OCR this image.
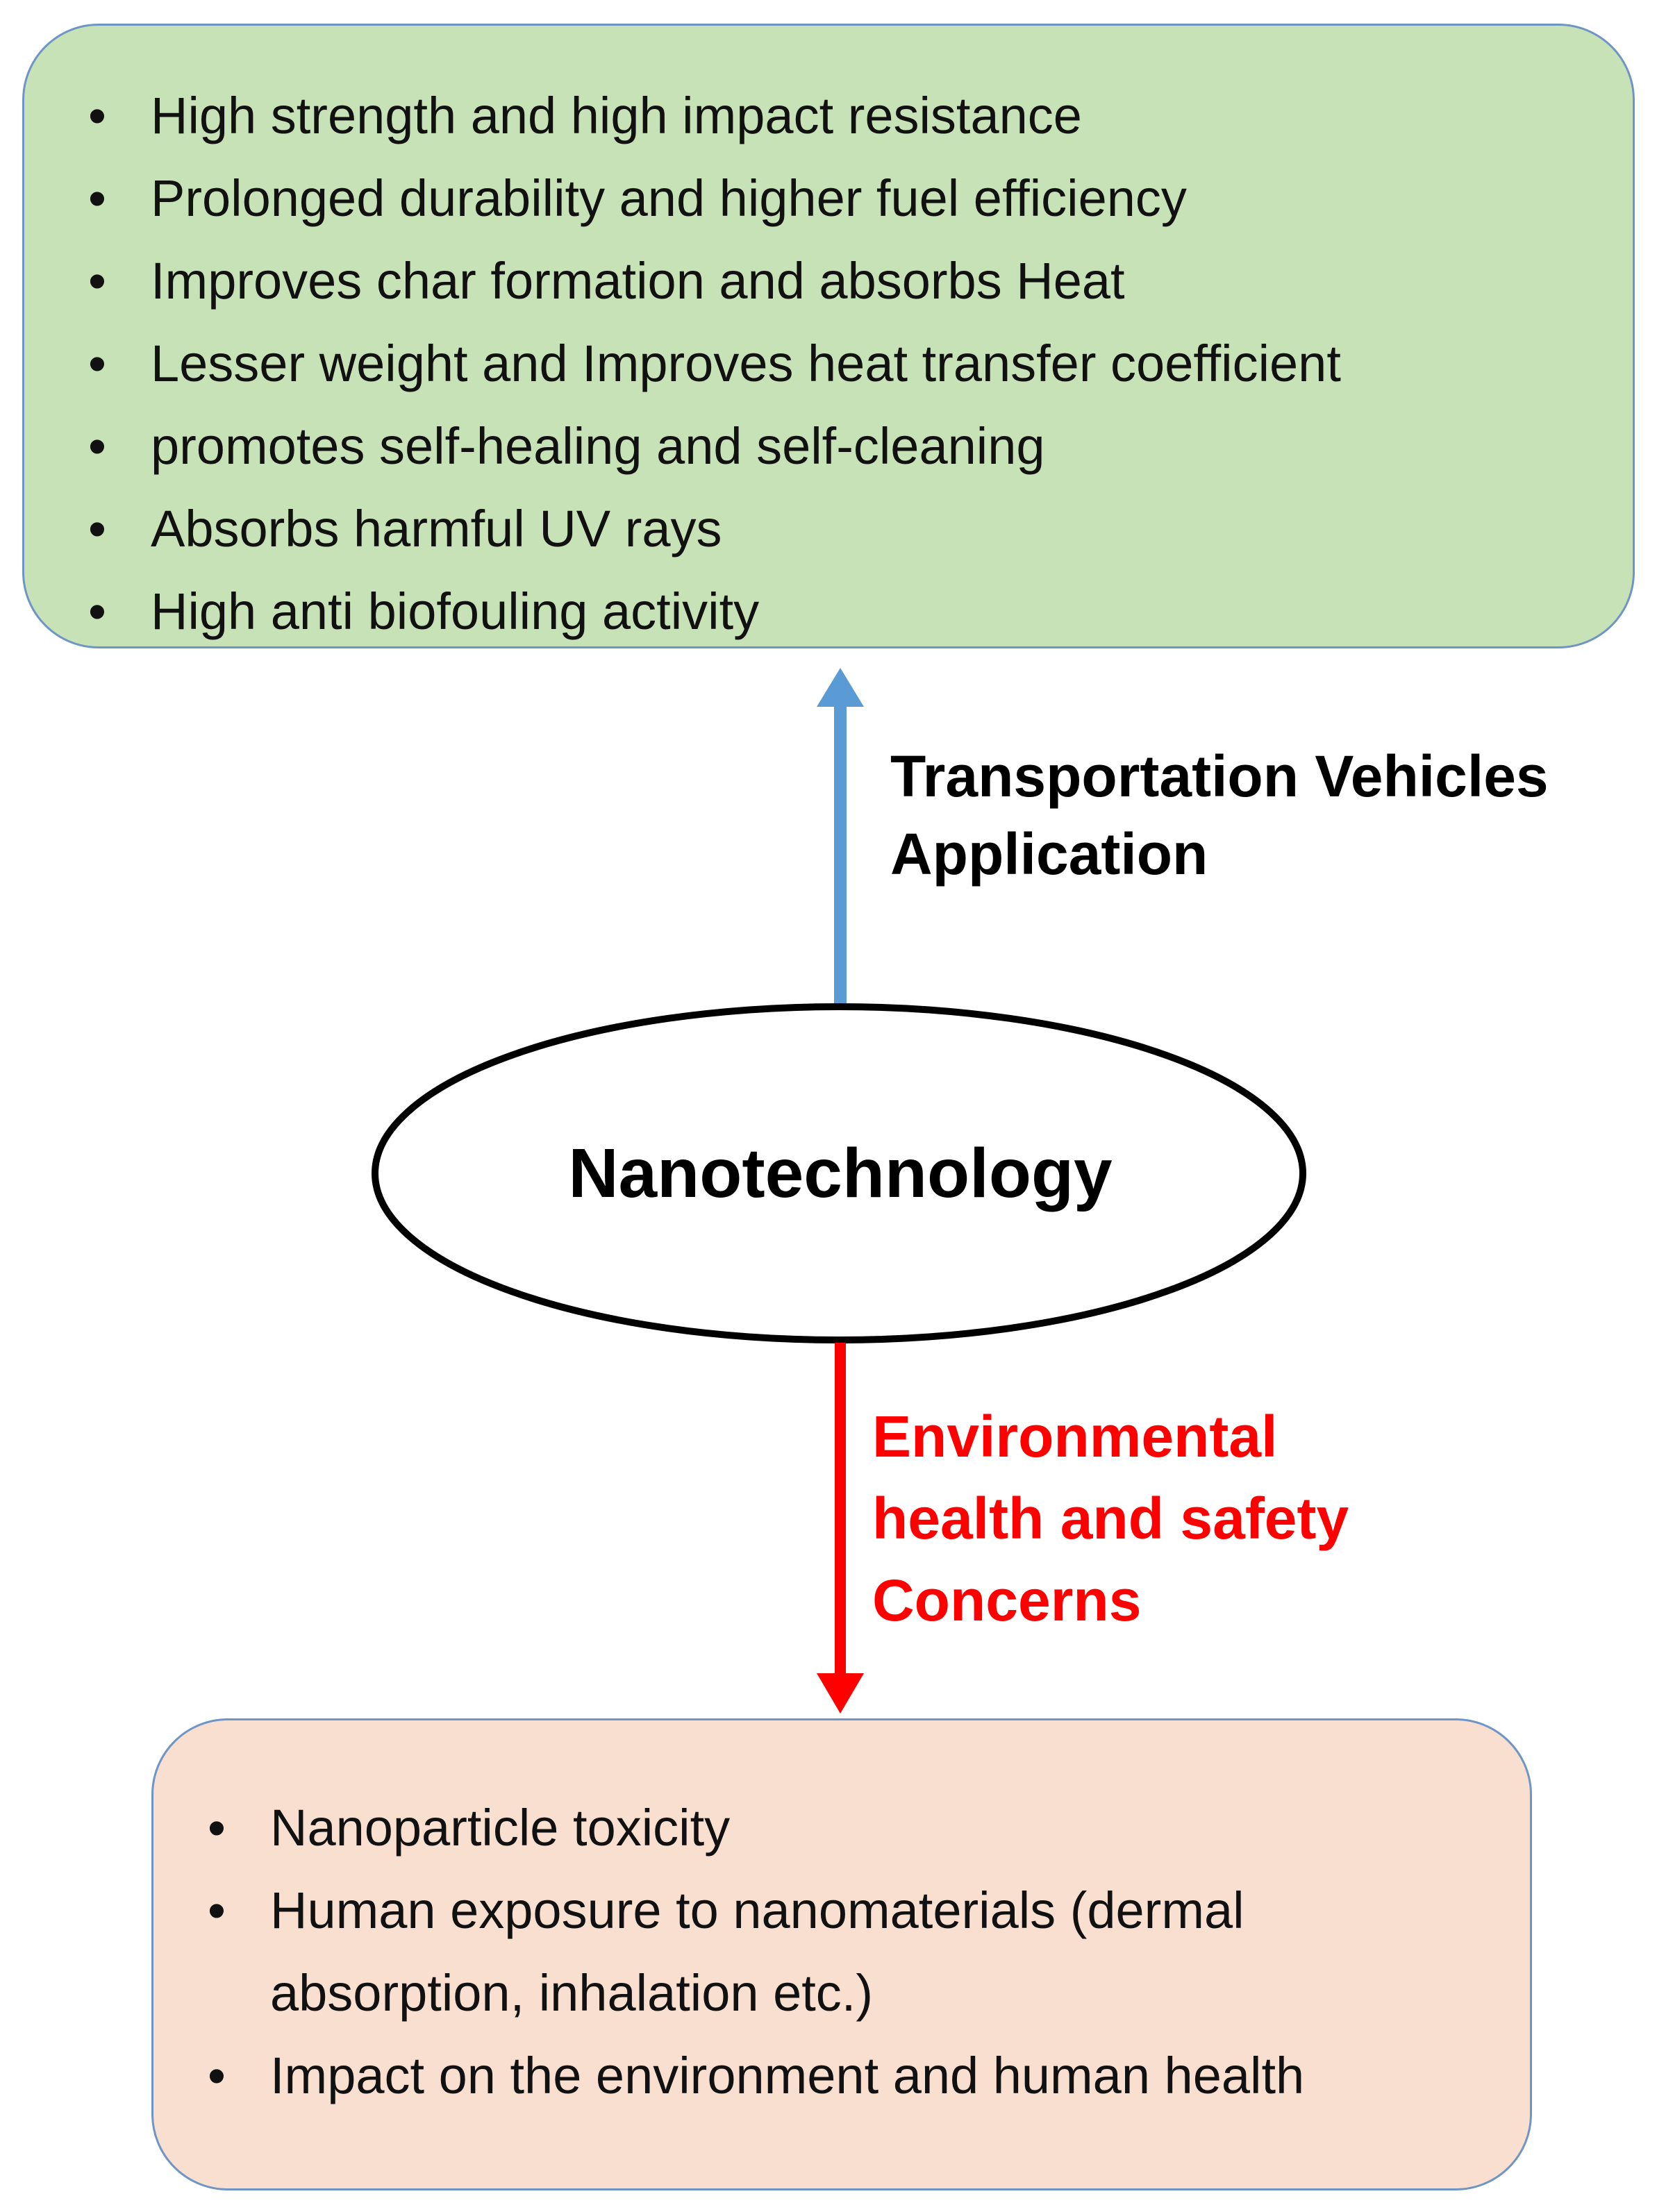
• High strength and high impact resistance
• Prolonged durability and higher fuel efficiency
• Improves char formation and absorbs Heat
• Lesser weight and Improves heat transfer coefficient
• promotes self-healing and self-cleaning
• Absorbs harmful UV rays
• High anti biofouling activity
Nanotechnology
Transportation Vehicles
Application
Environmental
health and safety
Concerns
• Nanoparticle toxicity
• Human exposure to nanomaterials (dermal absorption, inhalation etc.)
• Impact on the environment and human health
